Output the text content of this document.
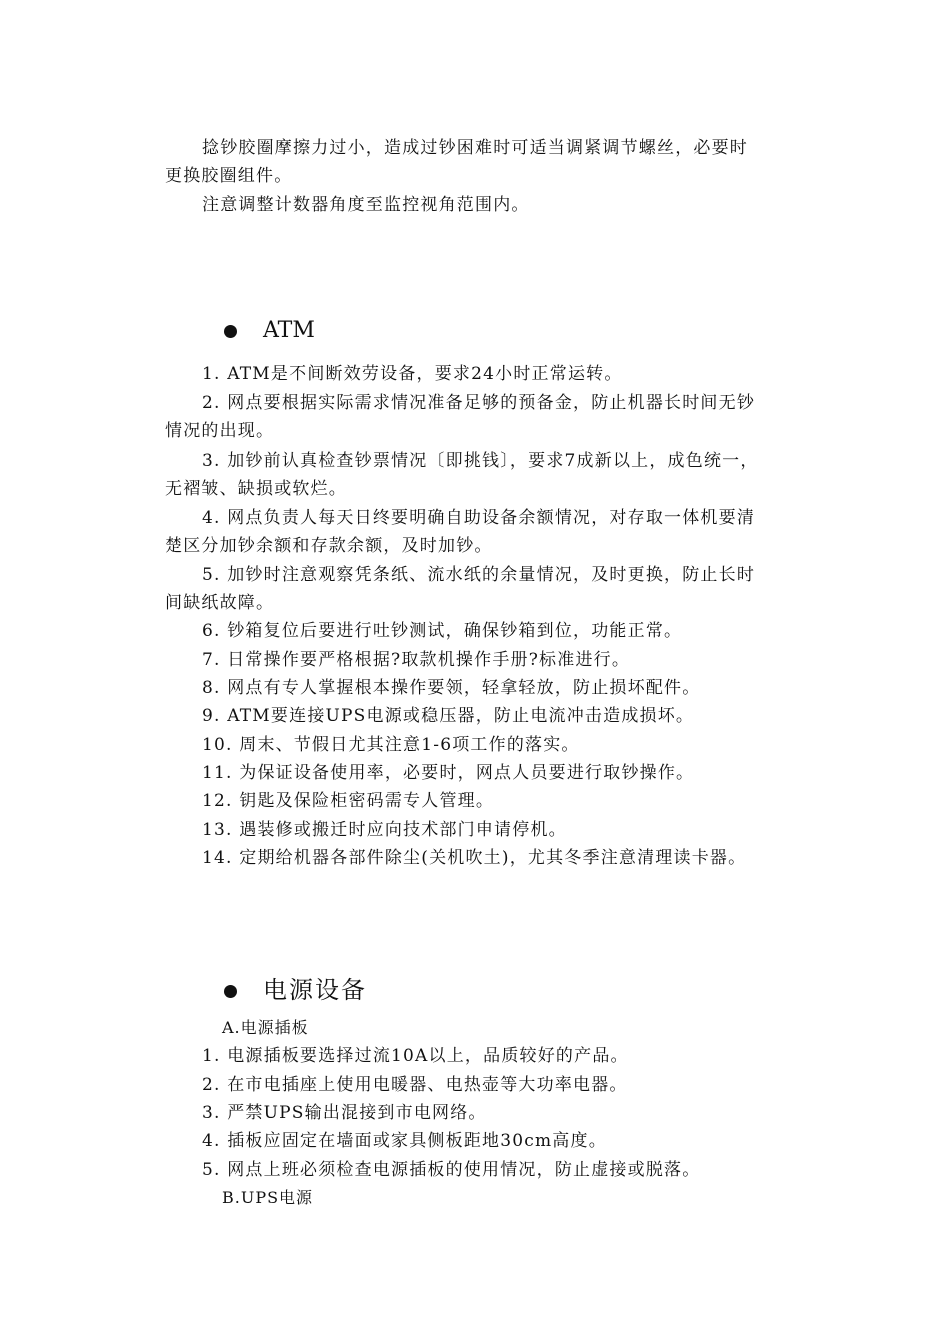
捻钞胶圈摩擦力过小，造成过钞困难时可适当调紧调节螺丝，必要时
更换胶圈组件。
注意调整计数器角度至监控视角范围内。
ATM
1. ATM是不间断效劳设备，要求24小时正常运转。
2. 网点要根据实际需求情况准备足够的预备金，防止机器长时间无钞
情况的出现。
3. 加钞前认真检查钞票情况〔即挑钱〕，要求7成新以上，成色统一，
无褶皱、缺损或软烂。
4. 网点负责人每天日终要明确自助设备余额情况，对存取一体机要清
楚区分加钞余额和存款余额，及时加钞。
5. 加钞时注意观察凭条纸、流水纸的余量情况，及时更换，防止长时
间缺纸故障。
6. 钞箱复位后要进行吐钞测试，确保钞箱到位，功能正常。
7. 日常操作要严格根据?取款机操作手册?标准进行。
8. 网点有专人掌握根本操作要领，轻拿轻放，防止损坏配件。
9. ATM要连接UPS电源或稳压器，防止电流冲击造成损坏。
10. 周末、节假日尤其注意1-6项工作的落实。
11. 为保证设备使用率，必要时，网点人员要进行取钞操作。
12. 钥匙及保险柜密码需专人管理。
13. 遇装修或搬迁时应向技术部门申请停机。
14. 定期给机器各部件除尘(关机吹土)，尤其冬季注意清理读卡器。
电源设备
A.电源插板
1. 电源插板要选择过流10A以上，品质较好的产品。
2. 在市电插座上使用电暖器、电热壶等大功率电器。
3. 严禁UPS输出混接到市电网络。
4. 插板应固定在墙面或家具侧板距地30cm高度。
5. 网点上班必须检查电源插板的使用情况，防止虚接或脱落。
B.UPS电源
